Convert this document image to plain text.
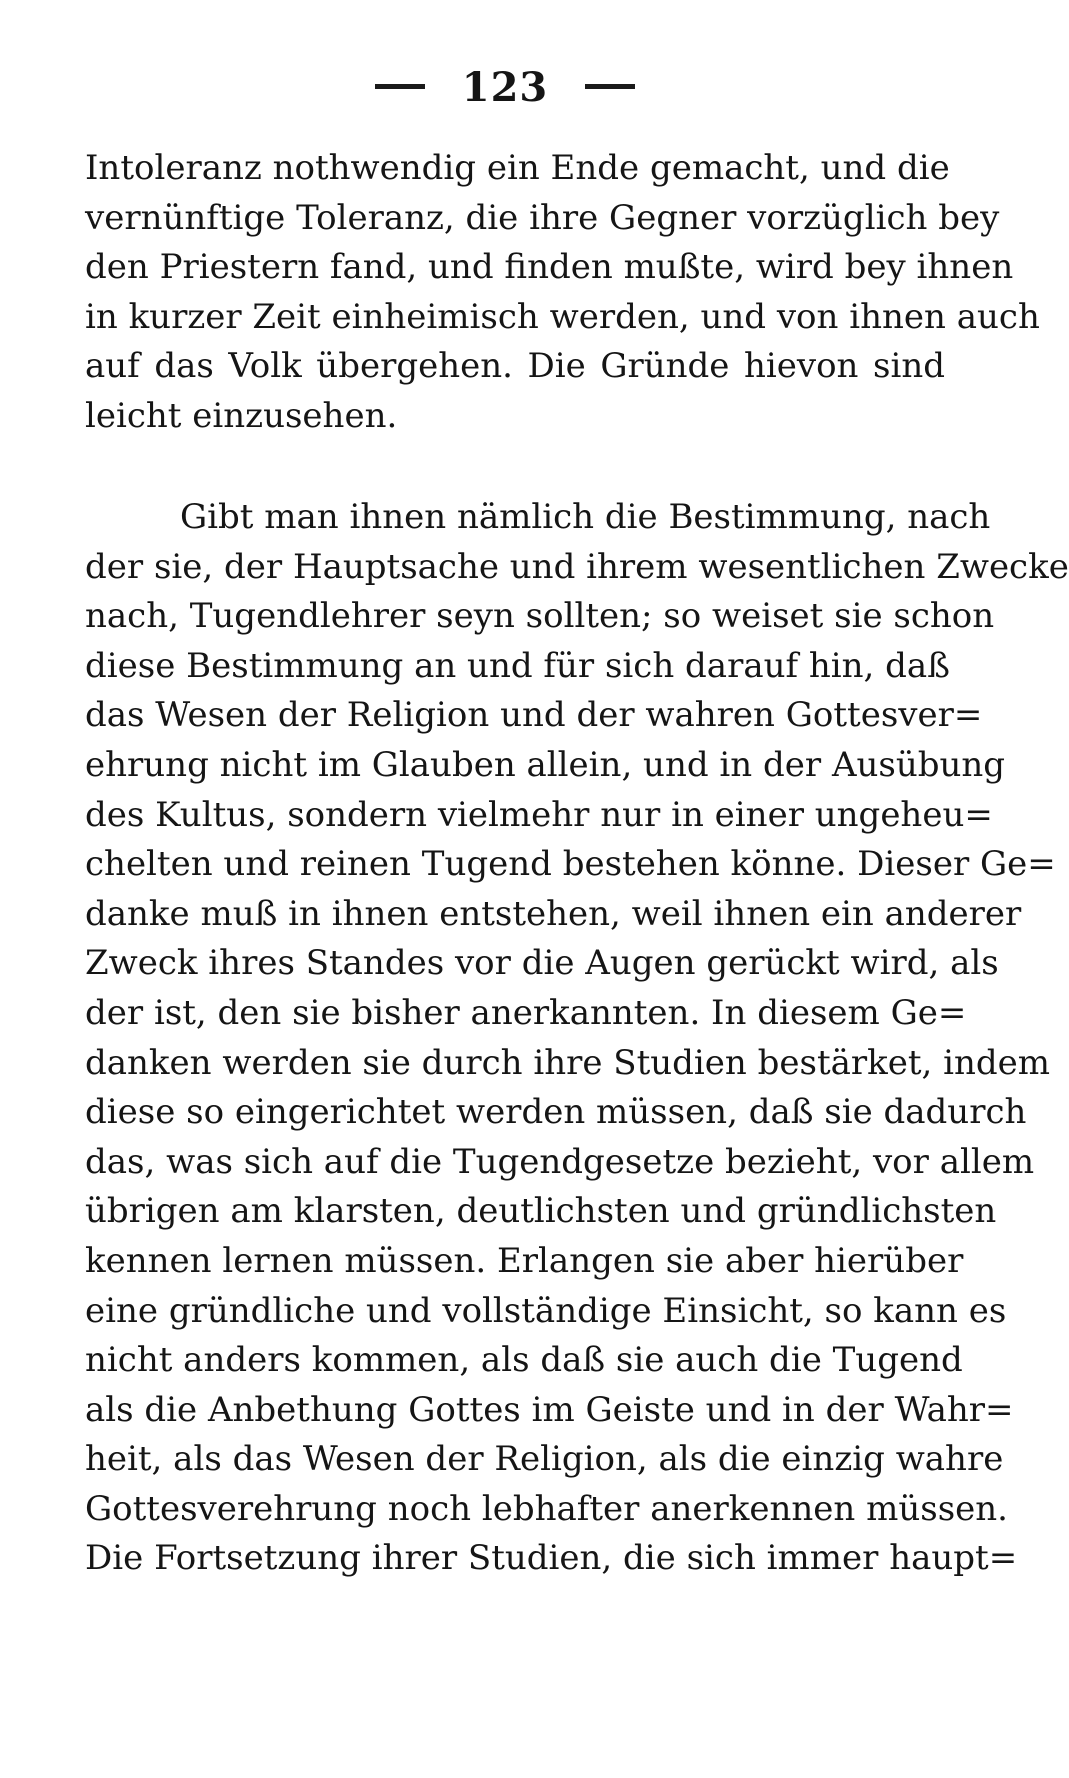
123
Intoleranz nothwendig ein Ende gemacht, und die
vernünftige Toleranz, die ihre Gegner vorzüglich bey
den Priestern fand, und finden mußte, wird bey ihnen
in kurzer Zeit einheimisch werden, und von ihnen auch
auf das Volk übergehen. Die Gründe hievon sind
leicht einzusehen.
Gibt man ihnen nämlich die Bestimmung, nach
der sie, der Hauptsache und ihrem wesentlichen Zwecke
nach, Tugendlehrer seyn sollten; so weiset sie schon
diese Bestimmung an und für sich darauf hin, daß
das Wesen der Religion und der wahren Gottesver=
ehrung nicht im Glauben allein, und in der Ausübung
des Kultus, sondern vielmehr nur in einer ungeheu=
chelten und reinen Tugend bestehen könne. Dieser Ge=
danke muß in ihnen entstehen, weil ihnen ein anderer
Zweck ihres Standes vor die Augen gerückt wird, als
der ist, den sie bisher anerkannten. In diesem Ge=
danken werden sie durch ihre Studien bestärket, indem
diese so eingerichtet werden müssen, daß sie dadurch
das, was sich auf die Tugendgesetze bezieht, vor allem
übrigen am klarsten, deutlichsten und gründlichsten
kennen lernen müssen. Erlangen sie aber hierüber
eine gründliche und vollständige Einsicht, so kann es
nicht anders kommen, als daß sie auch die Tugend
als die Anbethung Gottes im Geiste und in der Wahr=
heit, als das Wesen der Religion, als die einzig wahre
Gottesverehrung noch lebhafter anerkennen müssen.
Die Fortsetzung ihrer Studien, die sich immer haupt=
